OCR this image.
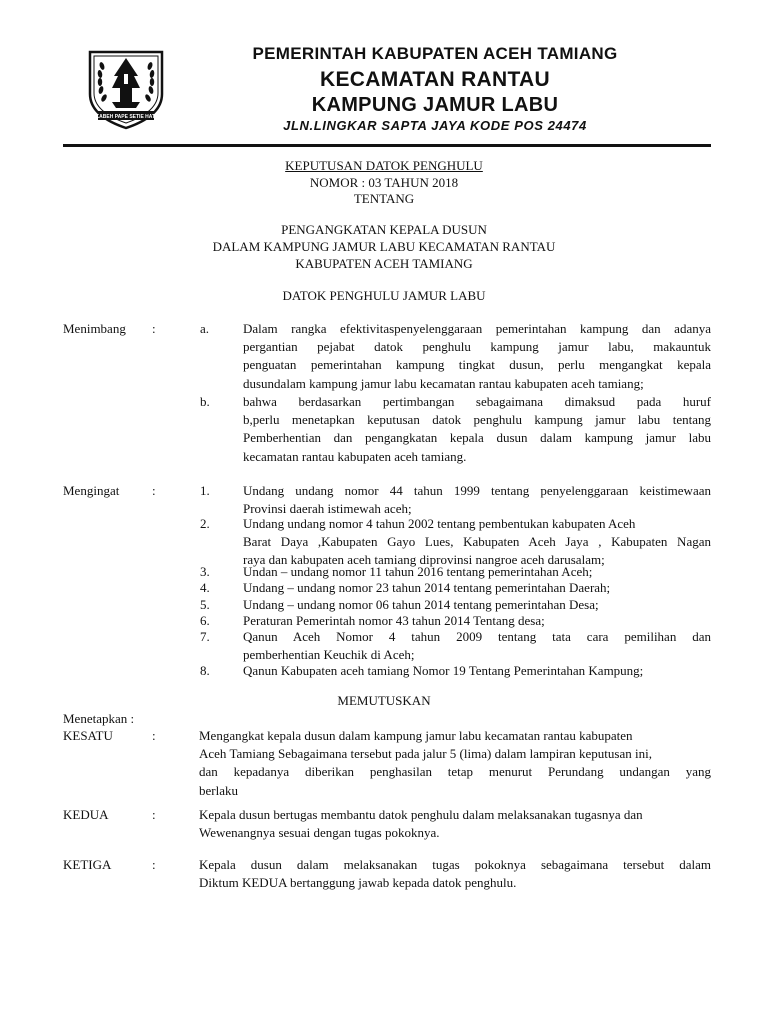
KABEH PAPE SETIE HATI
PEMERINTAH KABUPATEN ACEH TAMIANG
KECAMATAN RANTAU
KAMPUNG JAMUR LABU
JLN.LINGKAR SAPTA JAYA KODE POS 24474
KEPUTUSAN DATOK PENGHULU
NOMOR : 03 TAHUN 2018
TENTANG
PENGANGKATAN KEPALA DUSUN
DALAM KAMPUNG JAMUR LABU KECAMATAN RANTAU
KABUPATEN ACEH TAMIANG
DATOK PENGHULU JAMUR LABU
Menimbang :	a.	Dalam rangka efektivitaspenyelenggaraan pemerintahan kampung dan adanya
pergantian pejabat datok penghulu kampung jamur labu, makauntuk
penguatan pemerintahan kampung tingkat dusun, perlu mengangkat kepala
dusundalam kampung jamur labu kecamatan rantau kabupaten aceh tamiang;
b.	bahwa berdasarkan pertimbangan sebagaimana dimaksud pada huruf
b,perlu menetapkan keputusan datok penghulu kampung jamur labu tentang
Pemberhentian dan pengangkatan kepala dusun dalam kampung jamur labu
kecamatan rantau kabupaten aceh tamiang.
Mengingat	:	1.	Undang undang nomor 44 tahun 1999 tentang penyelenggaraan keistimewaan
Provinsi daerah istimewah aceh;
2.	Undang undang nomor 4 tahun 2002 tentang pembentukan kabupaten Aceh
Barat Daya ,Kabupaten Gayo Lues, Kabupaten Aceh Jaya , Kabupaten Nagan
raya dan kabupaten aceh tamiang diprovinsi nangroe aceh darusalam;
3.	Undan – undang nomor 11 tahun 2016 tentang pemerintahan Aceh;
4.	Undang – undang nomor 23 tahun 2014 tentang pemerintahan Daerah;
5.	Undang – undang nomor 06 tahun 2014 tentang pemerintahan Desa;
6.	Peraturan Pemerintah nomor 43 tahun 2014 Tentang desa;
7.	Qanun Aceh Nomor 4 tahun 2009 tentang tata cara pemilihan dan
pemberhentian Keuchik di Aceh;
8.	Qanun Kabupaten aceh tamiang Nomor 19 Tentang Pemerintahan Kampung;
MEMUTUSKAN
Menetapkan :
KESATU	:	Mengangkat kepala dusun dalam kampung jamur labu kecamatan rantau kabupaten
Aceh Tamiang Sebagaimana tersebut pada jalur 5 (lima) dalam lampiran keputusan ini,
dan kepadanya diberikan penghasilan tetap menurut Perundang undangan yang
berlaku
KEDUA	:	Kepala dusun bertugas membantu datok penghulu dalam melaksanakan tugasnya dan
Wewenangnya sesuai dengan tugas pokoknya.
KETIGA	:	Kepala dusun dalam melaksanakan tugas pokoknya sebagaimana tersebut dalam
Diktum KEDUA bertanggung jawab kepada datok penghulu.
